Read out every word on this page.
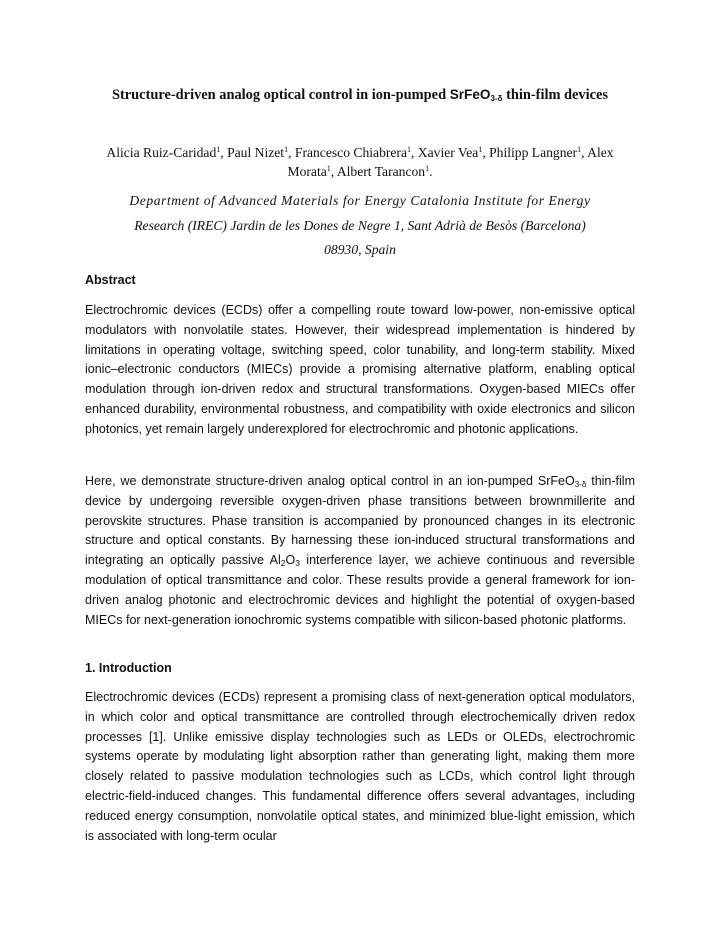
Structure-driven analog optical control in ion-pumped SrFeO$_{3-\delta}$ thin-film devices
Alicia Ruiz-Caridad$^1$, Paul Nizet$^1$, Francesco Chiabrera$^1$, Xavier Vea$^1$, Philipp Langner$^1$, Alex Morata$^1$, Albert Tarancon$^1$.
Department of Advanced Materials for Energy Catalonia Institute for Energy
Research (IREC) Jardin de les Dones de Negre 1, Sant Adrià de Besòs (Barcelona)
08930, Spain
Abstract
Electrochromic devices (ECDs) offer a compelling route toward low-power, non-emissive optical modulators with nonvolatile states. However, their widespread implementation is hindered by limitations in operating voltage, switching speed, color tunability, and long-term stability. Mixed ionic–electronic conductors (MIECs) provide a promising alternative platform, enabling optical modulation through ion-driven redox and structural transformations. Oxygen-based MIECs offer enhanced durability, environmental robustness, and compatibility with oxide electronics and silicon photonics, yet remain largely underexplored for electrochromic and photonic applications.
Here, we demonstrate structure-driven analog optical control in an ion-pumped SrFeO$_{3-\delta}$ thin-film device by undergoing reversible oxygen-driven phase transitions between brownmillerite and perovskite structures. Phase transition is accompanied by pronounced changes in its electronic structure and optical constants. By harnessing these ion-induced structural transformations and integrating an optically passive $Al_2O_3$ interference layer, we achieve continuous and reversible modulation of optical transmittance and color. These results provide a general framework for ion-driven analog photonic and electrochromic devices and highlight the potential of oxygen-based MIECs for next-generation ionochromic systems compatible with silicon-based photonic platforms.
1. Introduction
Electrochromic devices (ECDs) represent a promising class of next-generation optical modulators, in which color and optical transmittance are controlled through electrochemically driven redox processes [1]. Unlike emissive display technologies such as LEDs or OLEDs, electrochromic systems operate by modulating light absorption rather than generating light, making them more closely related to passive modulation technologies such as LCDs, which control light through electric-field-induced changes. This fundamental difference offers several advantages, including reduced energy consumption, nonvolatile optical states, and minimized blue-light emission, which is associated with long-term ocular
